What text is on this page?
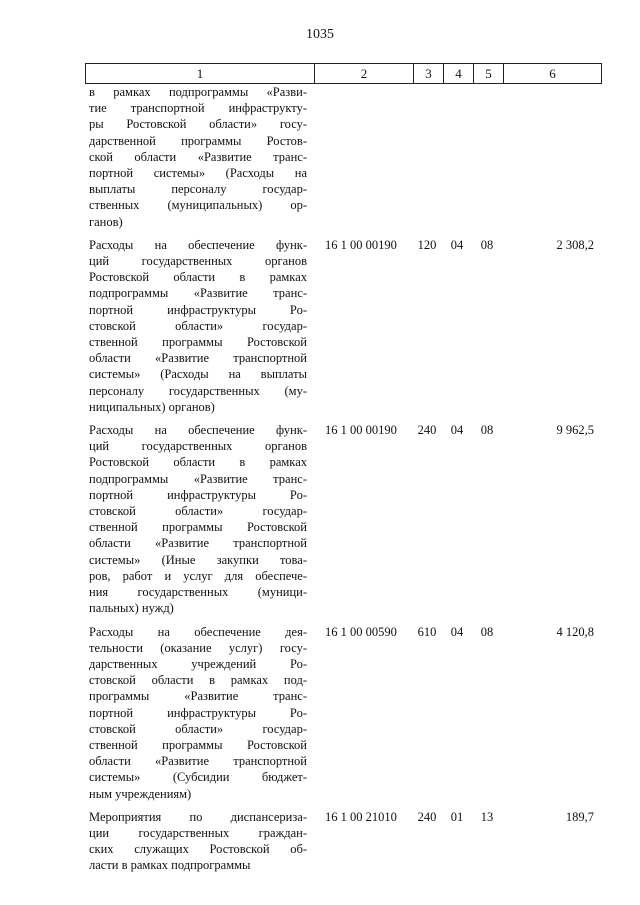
1035
1	2	3	4	5	6
в рамках подпрограммы «Разви-
тие транспортной инфраструкту-
ры Ростовской области» госу-
дарственной программы Ростов-
ской области «Развитие транс-
портной системы» (Расходы на
выплаты персоналу государ-
ственных (муниципальных) ор-
ганов)
Расходы на обеспечение функ-
ций государственных органов
Ростовской области в рамках
подпрограммы «Развитие транс-
портной инфраструктуры Ро-
стовской области» государ-
ственной программы Ростовской
области «Развитие транспортной
системы» (Расходы на выплаты
персоналу государственных (му-
ниципальных) органов)
16 1 00 00190	120	04	08	2 308,2
Расходы на обеспечение функ-
ций государственных органов
Ростовской области в рамках
подпрограммы «Развитие транс-
портной инфраструктуры Ро-
стовской области» государ-
ственной программы Ростовской
области «Развитие транспортной
системы» (Иные закупки това-
ров, работ и услуг для обеспече-
ния государственных (муници-
пальных) нужд)
16 1 00 00190	240	04	08	9 962,5
Расходы на обеспечение дея-
тельности (оказание услуг) госу-
дарственных учреждений Ро-
стовской области в рамках под-
программы «Развитие транс-
портной инфраструктуры Ро-
стовской области» государ-
ственной программы Ростовской
области «Развитие транспортной
системы» (Субсидии бюджет-
ным учреждениям)
16 1 00 00590	610	04	08	4 120,8
Мероприятия по диспансеризa-
ции государственных граждан-
ских служащих Ростовской об-
ласти в рамках подпрограммы
16 1 00 21010	240	01	13	189,7
